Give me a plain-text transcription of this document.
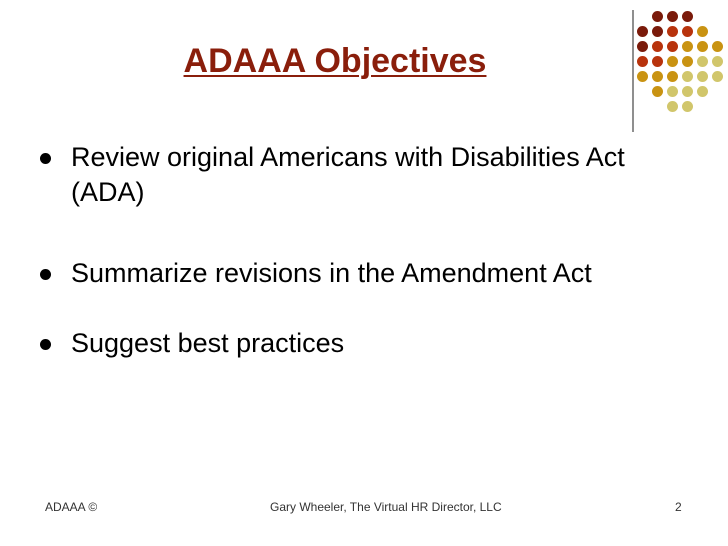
ADAAA Objectives
Review original Americans with Disabilities Act
(ADA)
Summarize revisions in the Amendment Act
Suggest best practices
ADAAA ©	Gary Wheeler, The Virtual HR Director, LLC	2
